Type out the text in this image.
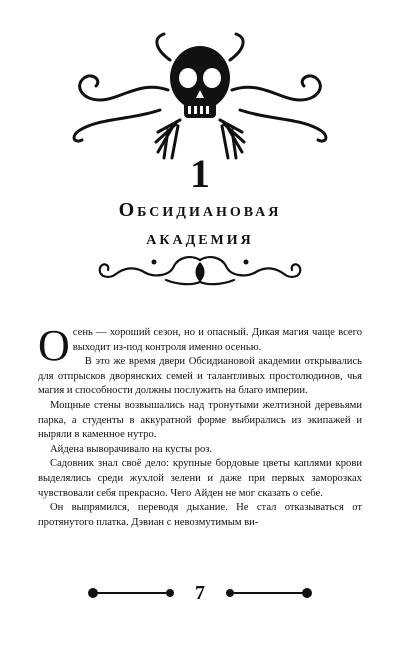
1
Обсидиановая
академия

Осень — хороший сезон, но и опасный. Дикая магия чаще всего выходит из-под контроля именно осенью.

В это же время двери Обсидиановой академии открывались для отпрысков дворянских семей и талантливых простолюдинов, чья магия и способности должны послужить на благо империи.

Мощные стены возвышались над тронутыми желтизной деревьями парка, а студенты в аккуратной форме выбирались из экипажей и ныряли в каменное нутро.

Айдена выворачивало на кусты роз.

Садовник знал своё дело: крупные бордовые цветы каплями крови выделялись среди жухлой зелени и даже при первых заморозках чувствовали себя прекрасно. Чего Айден не мог сказать о себе.

Он выпрямился, переводя дыхание. Не стал отказываться от протянутого платка. Дэвиан с невозмутимым ви-

7
